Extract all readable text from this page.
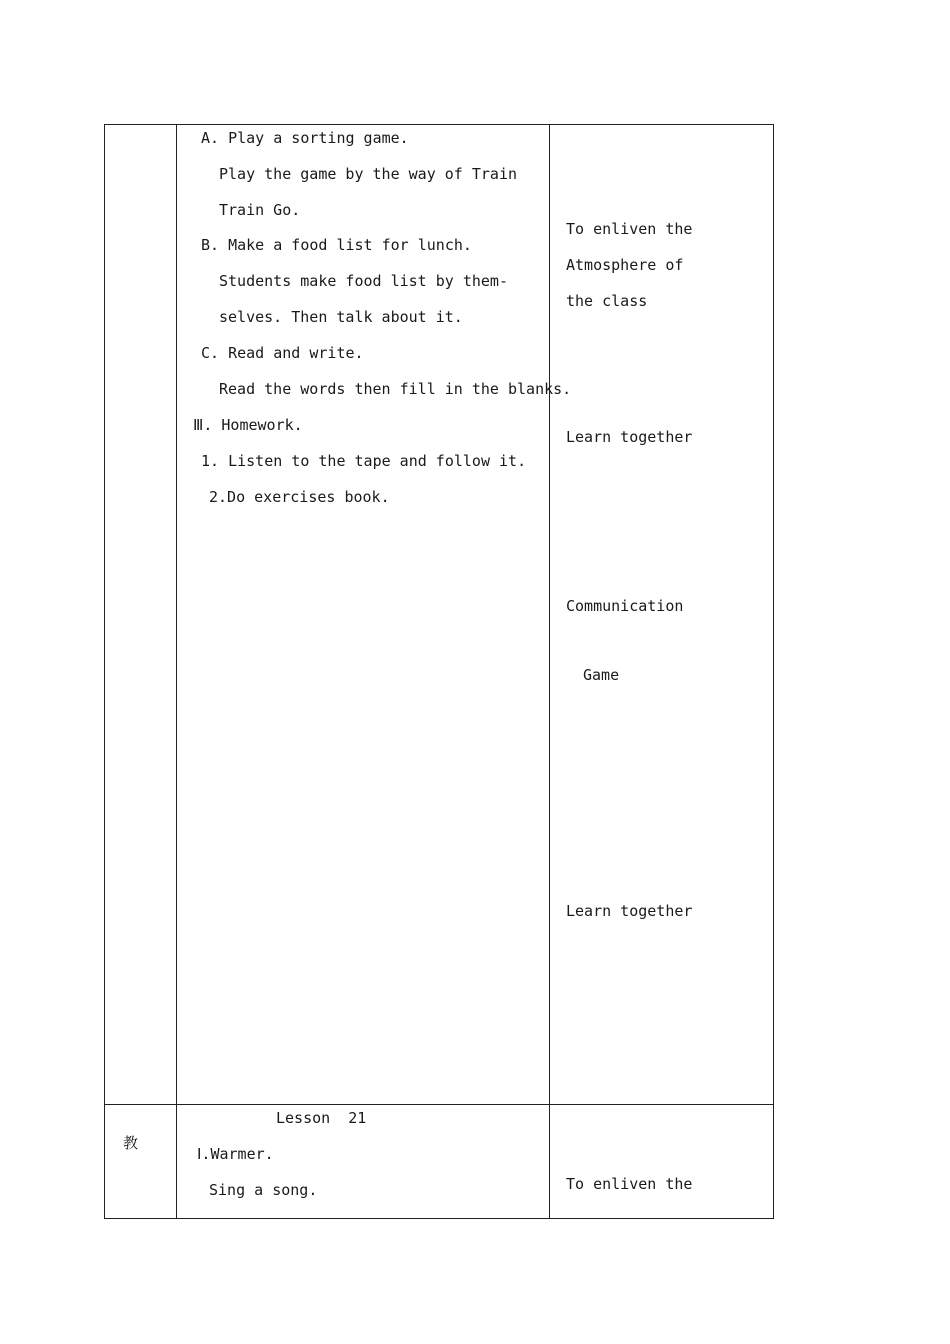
A. Play a sorting game.
Play the game by the way of Train
Train Go.
B. Make a food list for lunch.
Students make food list by them-
selves. Then talk about it.
C. Read and write.
Read the words then fill in the blanks.
Ⅲ. Homework.
1. Listen to the tape and follow it.
2.Do exercises book.
To enliven the
Atmosphere of
the class
Learn together
Communication
Game
Learn together
教
Lesson  21
Ⅰ.Warmer.
Sing a song.	To enliven the
